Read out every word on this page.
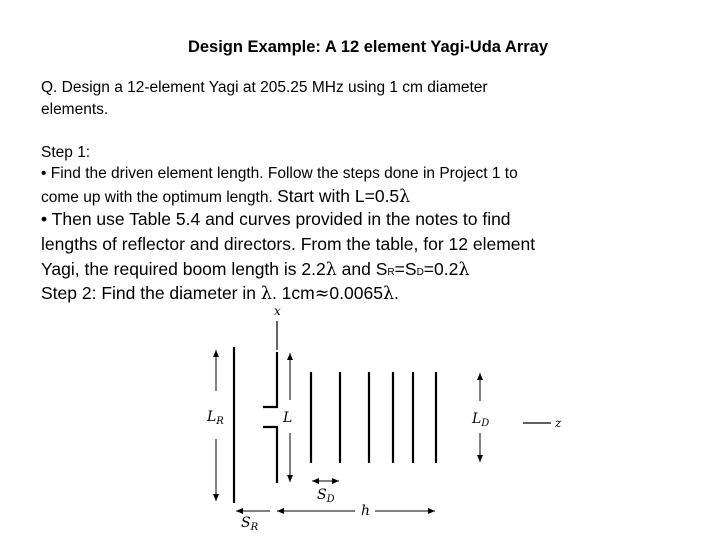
Design Example: A 12 element Yagi-Uda Array
Q. Design a 12-element Yagi at 205.25 MHz using 1 cm diameter
elements.
Step 1:
• Find the driven element length. Follow the steps done in Project 1 to
come up with the optimum length. Start with L=0.5λ
• Then use Table 5.4 and curves provided in the notes to find
lengths of reflector and directors. From the table, for 12 element
Yagi, the required boom length is 2.2λ and SR=SD=0.2λ
Step 2: Find the diameter in λ. 1cm≈0.0065λ.
x
$L_R$	L	$L_D$	z
$S_D$
$S_R$
h
